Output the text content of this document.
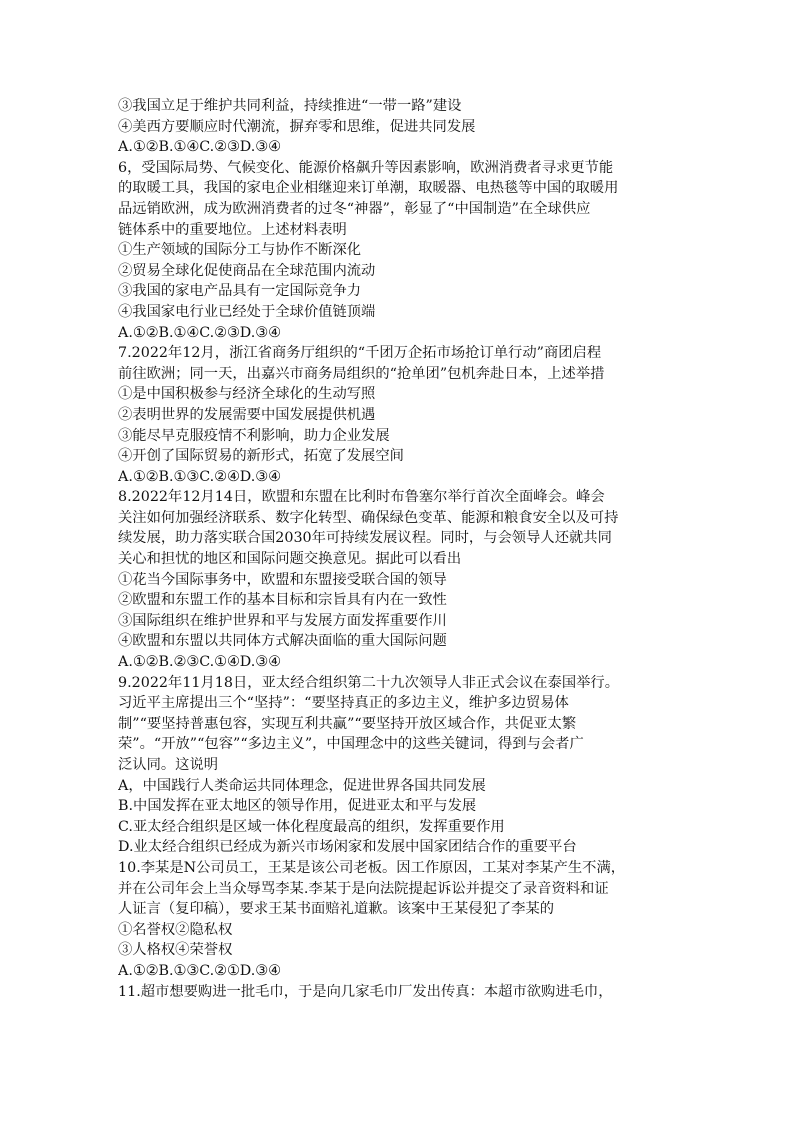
③我国立足于维护共同利益，持续推进“一带一路”建设
④美西方要顺应时代潮流，摒弃零和思维，促进共同发展
A.①②B.①④C.②③D.③④
6，受国际局势、气候变化、能源价格飙升等因素影响，欧洲消费者寻求更节能
的取暖工具，我国的家电企业相继迎来订单潮，取暖器、电热毯等中国的取暖用
品远销欧洲，成为欧洲消费者的过冬“神器”，彰显了“中国制造”在全球供应
链体系中的重要地位。上述材料表明
①生产领域的国际分工与协作不断深化
②贸易全球化促使商品在全球范围内流动
③我国的家电产品具有一定国际竞争力
④我国家电行业已经处于全球价值链顶端
A.①②B.①④C.②③D.③④
7.2022年12月，浙江省商务厅组织的“千团万企拓市场抢订单行动”商团启程
前往欧洲；同一天，出嘉兴市商务局组织的“抢单团”包机奔赴日本，上述举措
①是中国积极参与经济全球化的生动写照
②表明世界的发展需要中国发展提供机遇
③能尽早克服疫情不利影响，助力企业发展
④开创了国际贸易的新形式，拓宽了发展空间
A.①②B.①③C.②④D.③④
8.2022年12月14日，欧盟和东盟在比利时布鲁塞尔举行首次全面峰会。峰会
关注如何加强经济联系、数字化转型、确保绿色变革、能源和粮食安全以及可持
续发展，助力落实联合国2030年可持续发展议程。同时，与会领导人还就共同
关心和担忧的地区和国际问题交换意见。据此可以看出
①花当今国际事务中，欧盟和东盟接受联合国的领导
②欧盟和东盟工作的基本目标和宗旨具有内在一致性
③国际组织在维护世界和平与发展方面发挥重要作川
④欧盟和东盟以共同体方式解决面临的重大国际问题
A.①②B.②③C.①④D.③④
9.2022年11月18日，亚太经合组织第二十九次领导人非正式会议在泰国举行。
习近平主席提出三个“坚持”：“要坚持真正的多边主义，维护多边贸易体
制”“要坚持普惠包容，实现互利共赢”“要坚持开放区域合作，共促亚太繁
荣”。“开放”“包容”“多边主义”，中国理念中的这些关键词，得到与会者广
泛认同。这说明
A，中国践行人类命运共同体理念，促进世界各国共同发展
B.中国发挥在亚太地区的领导作用，促进亚太和平与发展
C.亚太经合组织是区域一体化程度最高的组织，发挥重要作用
D.业太经合组织已经成为新兴市场闲家和发展中国家团结合作的重要平台
10.李某是N公司员工，王某是该公司老板。因工作原因，工某对李某产生不满，
并在公司年会上当众辱骂李某.李某于是向法院提起诉讼并提交了录音资料和证
人证言（复印稿），要求王某书面赔礼道歉。该案中王某侵犯了李某的
①名誉权②隐私权
③人格权④荣誉权
A.①②B.①③C.②①D.③④
11.超市想要购进一批毛巾，于是向几家毛巾厂发出传真：本超市欲购进毛巾，
